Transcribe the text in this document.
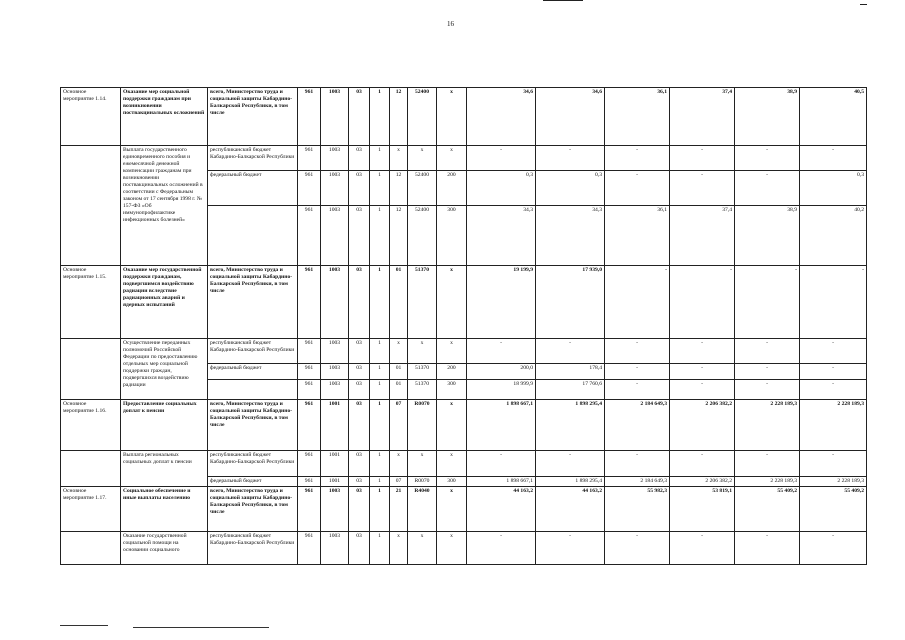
16
Основное мероприятие 1.14.	Оказание мер социальной поддержки гражданам при возникновении поствакцинальных осложнений	всего, Министерство труда и социальной защиты Кабардино-Балкарской Республики, в том числе	961	1003	03	1	12	52400	х	34,6	34,6	36,1	37,4	38,9	40,5
	Выплата государственного единовременного пособия и ежемесячной денежной компенсации гражданам при возникновении поствакцинальных осложнений в соответствии с Федеральным законом от 17 сентября 1998 г. № 157-ФЗ «Об иммунопрофилактике инфекционных болезней»	республиканский бюджет Кабардино-Балкарской Республики	961	1003	03	1	х	х	х	-	-	-	-	-	-
		федеральный бюджет	961	1003	03	1	12	52400	200	0,3	0,3	-	-	-	0,3
			961	1003	03	1	12	52400	300	34,3	34,3	36,1	37,4	38,9	40,2
Основное мероприятие 1.15.	Оказание мер государственной поддержки гражданам, подвергшимся воздействию радиации вследствие радиационных аварий и ядерных испытаний	всего, Министерство труда и социальной защиты Кабардино-Балкарской Республики, в том числе	961	1003	03	1	01	51370	х	19 199,9	17 939,0	-	-	-	-
	Осуществление переданных полномочий Российской Федерации по предоставлению отдельных мер социальной поддержки граждан, подвергшихся воздействию радиации	республиканский бюджет Кабардино-Балкарской Республики	961	1003	03	1	х	х	х	-	-	-	-	-	-
		федеральный бюджет	961	1003	03	1	01	51370	200	200,0	178,4	-	-	-	-
			961	1003	03	1	01	51370	300	18 999,9	17 760,6	-	-	-	-
Основное мероприятие 1.16.	Предоставление социальных доплат к пенсии	всего, Министерство труда и социальной защиты Кабардино-Балкарской Республики, в том числе	961	1001	03	1	07	R0070	х	1 898 667,1	1 898 295,4	2 184 649,3	2 206 382,2	2 228 189,3	2 228 189,3
	Выплата региональных социальных доплат к пенсии	республиканский бюджет Кабардино-Балкарской Республики	961	1001	03	1	х	х	х	-	-	-	-	-	-
		федеральный бюджет	961	1001	03	1	07	R0070	300	1 898 667,1	1 898 295,4	2 184 649,3	2 206 382,2	2 228 189,3	2 228 189,3
Основное мероприятие 1.17.	Социальное обеспечение и иные выплаты населению	всего, Министерство труда и социальной защиты Кабардино-Балкарской Республики, в том числе	961	1003	03	1	21	R4040	х	44 163,2	44 163,2	55 982,3	53 819,1	55 409,2	55 409,2
	Оказание государственной социальной помощи на основании социального	республиканский бюджет Кабардино-Балкарской Республики	961	1003	03	1	х	х	х	-	-	-	-	-	-
